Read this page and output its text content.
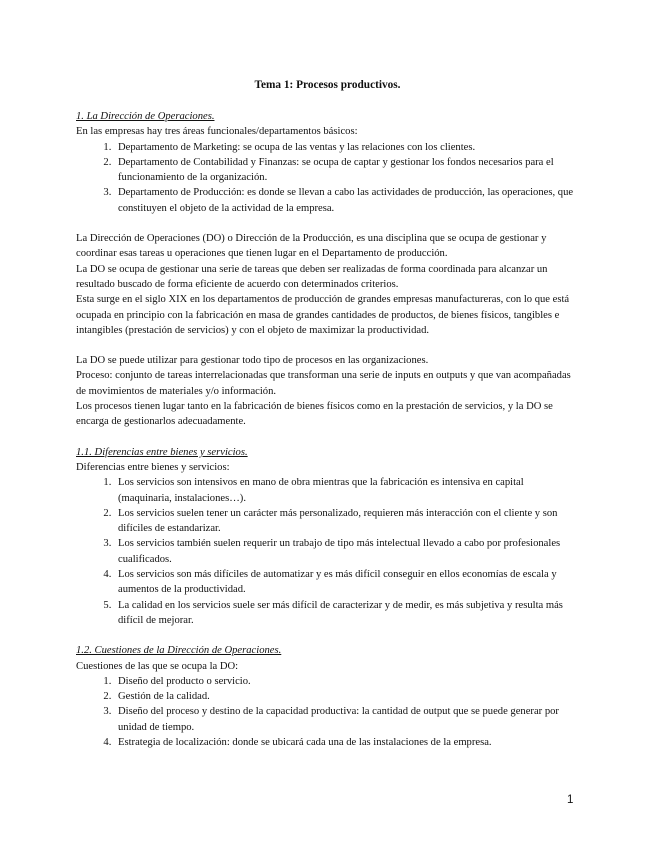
Tema 1: Procesos productivos.

1. La Dirección de Operaciones.

En las empresas hay tres áreas funcionales/departamentos básicos:

1. Departamento de Marketing: se ocupa de las ventas y las relaciones con los clientes.
2. Departamento de Contabilidad y Finanzas: se ocupa de captar y gestionar los fondos necesarios para el funcionamiento de la organización.
3. Departamento de Producción: es donde se llevan a cabo las actividades de producción, las operaciones, que constituyen el objeto de la actividad de la empresa.

La Dirección de Operaciones (DO) o Dirección de la Producción, es una disciplina que se ocupa de gestionar y coordinar esas tareas u operaciones que tienen lugar en el Departamento de producción.

La DO se ocupa de gestionar una serie de tareas que deben ser realizadas de forma coordinada para alcanzar un resultado buscado de forma eficiente de acuerdo con determinados criterios.

Esta surge en el siglo XIX en los departamentos de producción de grandes empresas manufactureras, con lo que está ocupada en principio con la fabricación en masa de grandes cantidades de productos, de bienes físicos, tangibles e intangibles (prestación de servicios) y con el objeto de maximizar la productividad.

La DO se puede utilizar para gestionar todo tipo de procesos en las organizaciones.

Proceso: conjunto de tareas interrelacionadas que transforman una serie de inputs en outputs y que van acompañadas de movimientos de materiales y/o información.

Los procesos tienen lugar tanto en la fabricación de bienes físicos como en la prestación de servicios, y la DO se encarga de gestionarlos adecuadamente.

1.1. Diferencias entre bienes y servicios.

Diferencias entre bienes y servicios:

1. Los servicios son intensivos en mano de obra mientras que la fabricación es intensiva en capital (maquinaria, instalaciones…).
2. Los servicios suelen tener un carácter más personalizado, requieren más interacción con el cliente y son difíciles de estandarizar.
3. Los servicios también suelen requerir un trabajo de tipo más intelectual llevado a cabo por profesionales cualificados.
4. Los servicios son más difíciles de automatizar y es más difícil conseguir en ellos economías de escala y aumentos de la productividad.
5. La calidad en los servicios suele ser más difícil de caracterizar y de medir, es más subjetiva y resulta más difícil de mejorar.

1.2. Cuestiones de la Dirección de Operaciones.

Cuestiones de las que se ocupa la DO:

1. Diseño del producto o servicio.
2. Gestión de la calidad.
3. Diseño del proceso y destino de la capacidad productiva: la cantidad de output que se puede generar por unidad de tiempo.
4. Estrategia de localización: donde se ubicará cada una de las instalaciones de la empresa.
1
